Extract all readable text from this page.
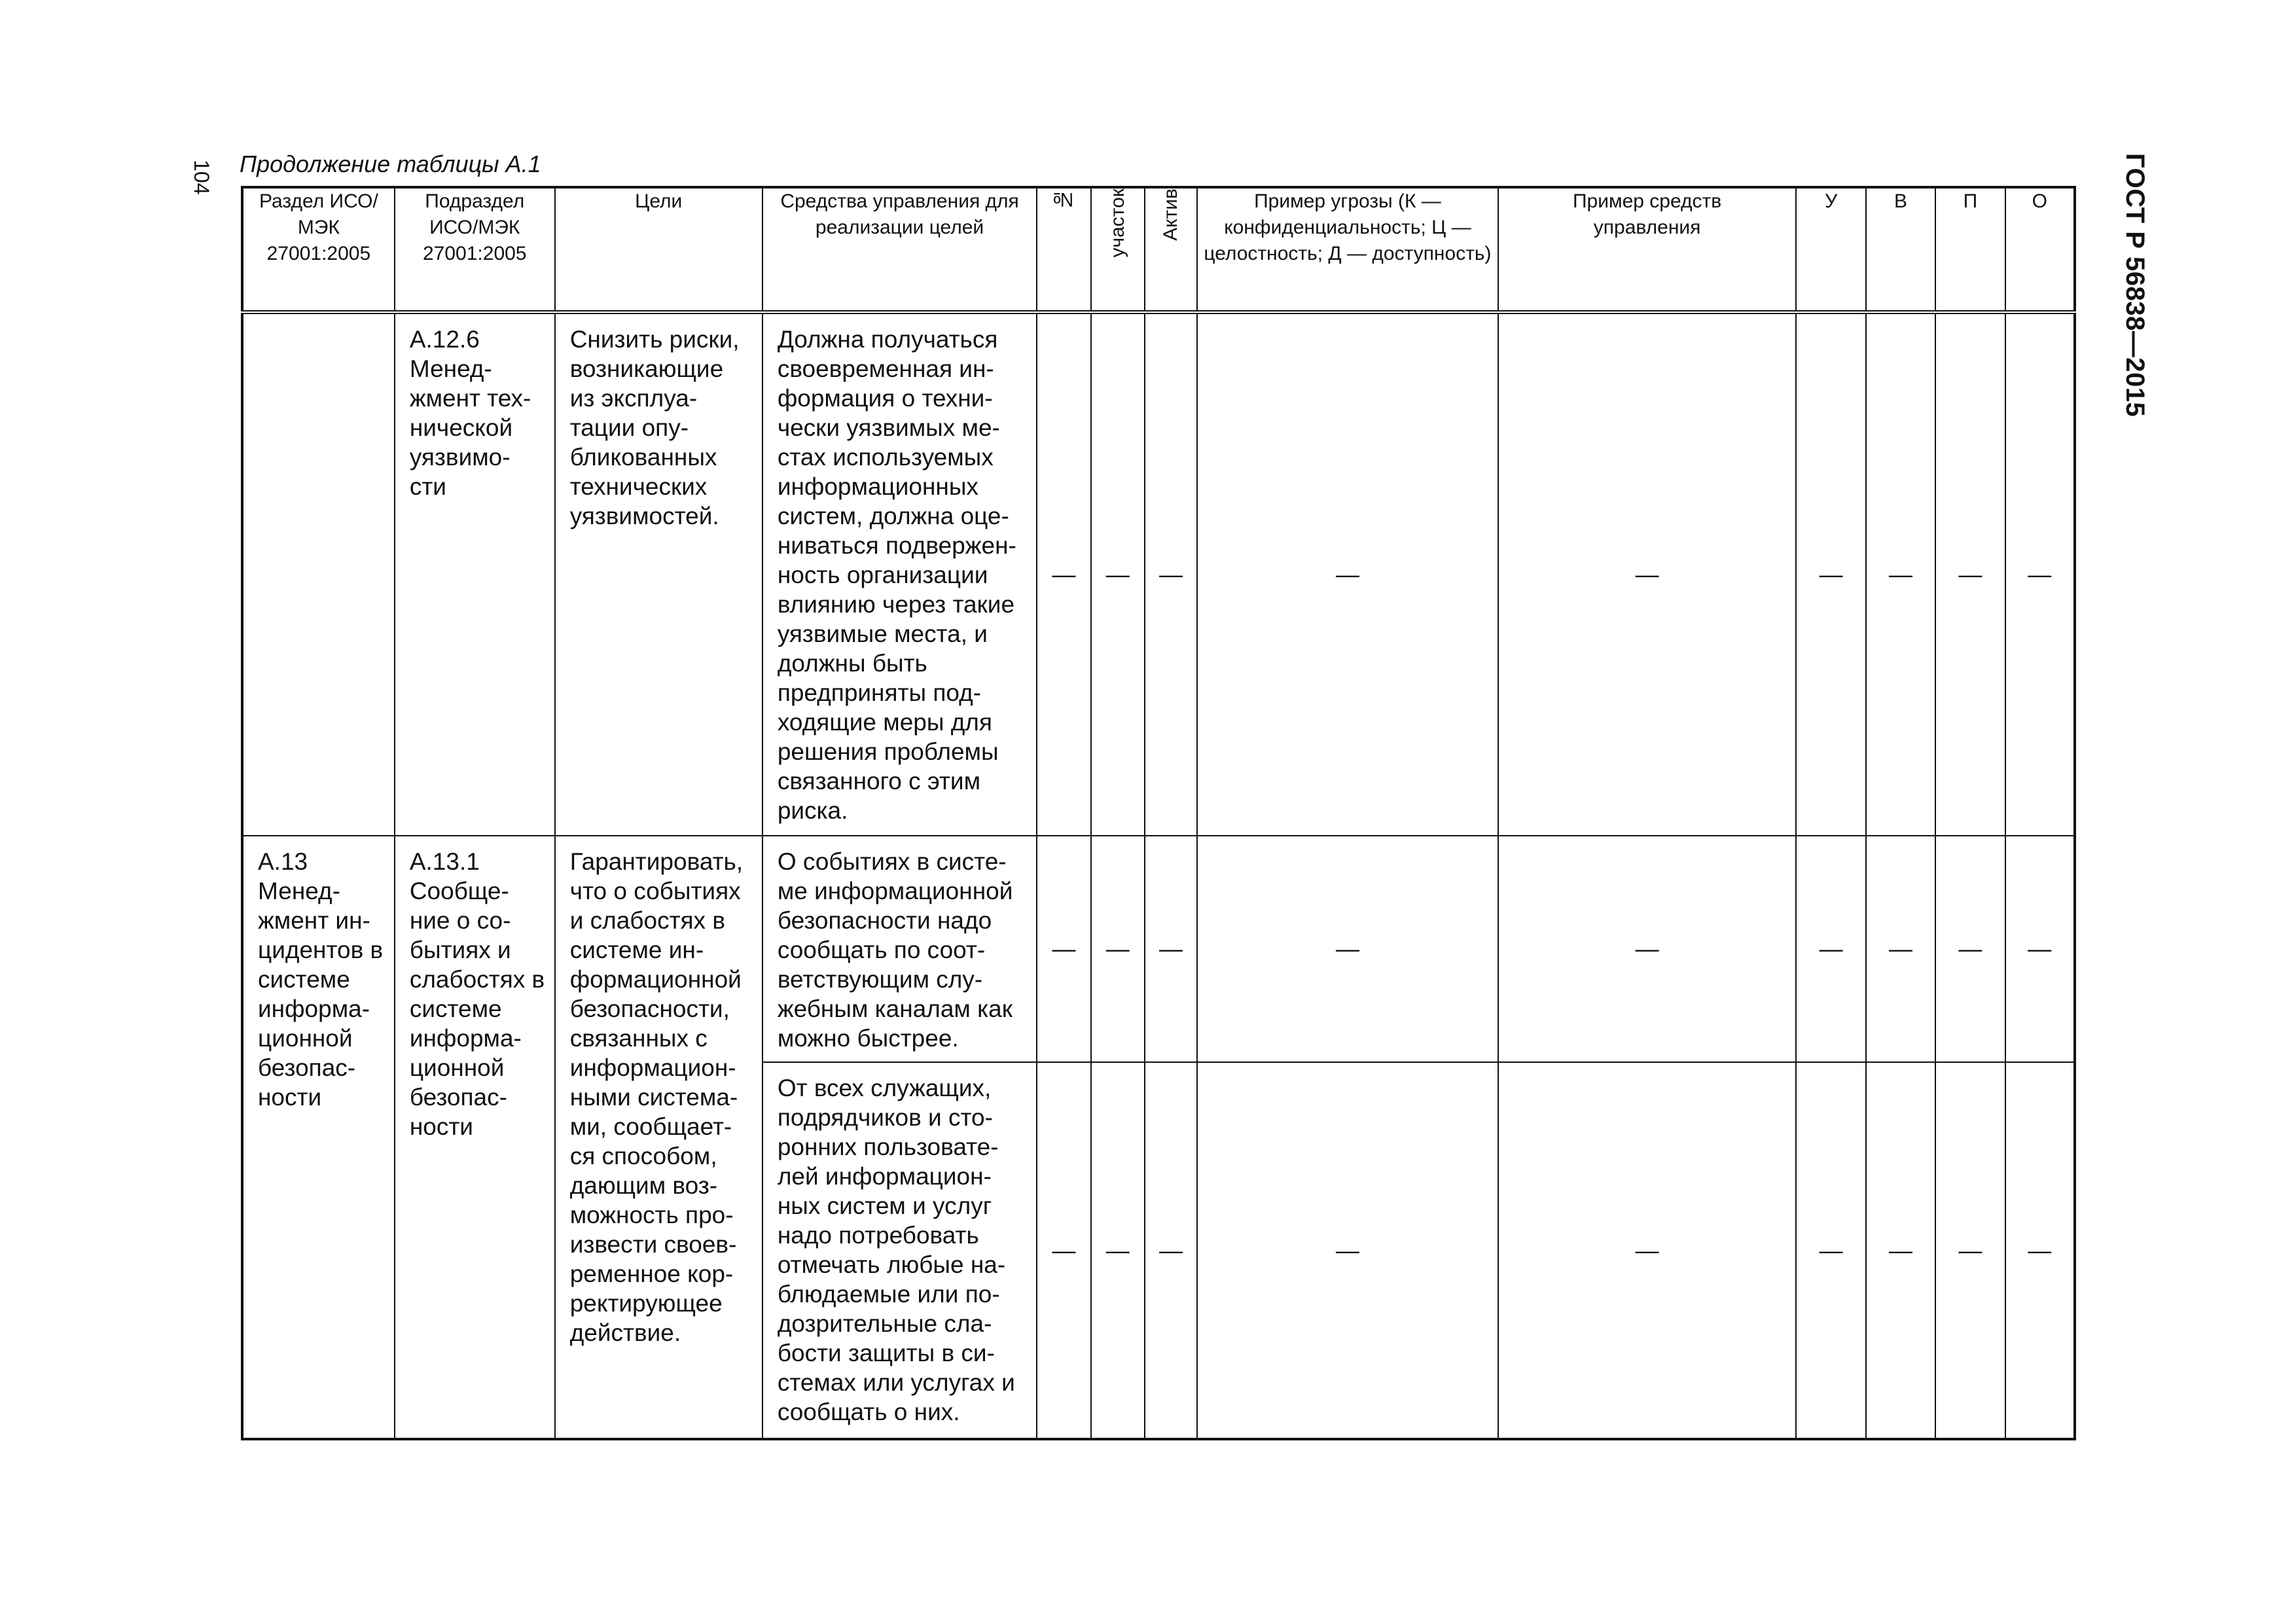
104	ГОСТ Р 56838—2015
Продолжение таблицы А.1
Раздел ИСО/МЭК 27001:2005	Подраздел ИСО/МЭК 27001:2005	Цели	Средства управления для реализации целей	№	участок	Актив	Пример угрозы (К — конфиденциальность; Ц — целостность; Д — доступность)	Пример средств управления	У	В	П	О
	А.12.6 Менед-жмент тех-нической уязвимо-сти	Снизить риски, возникающие из эксплуа-тации опу-бликованных технических уязвимостей.	Должна получаться своевременная ин-формация о техни-чески уязвимых ме-стах используемых информационных систем, должна оце-ниваться подвержен-ность организации влиянию через такие уязвимые места, и должны быть предприняты под-ходящие меры для решения проблемы связанного с этим риска.	—	—	—	—	—	—	—	—	—
А.13 Менед-жмент ин-цидентов в системе информа-ционной безопас-ности	А.13.1 Сообще-ние о со-бытиях и слабостях в системе информа-ционной безопас-ности	Гарантировать, что о событиях и слабостях в системе ин-формационной безопасности, связанных с информацион-ными система-ми, сообщает-ся способом, дающим воз-можность про-извести своев-ременное кор-ректирующее действие.	О событиях в систе-ме информационной безопасности надо сообщать по соот-ветствующим слу-жебным каналам как можно быстрее.	—	—	—	—	—	—	—	—	—
			От всех служащих, подрядчиков и сто-ронних пользовате-лей информацион-ных систем и услуг надо потребовать отмечать любые на-блюдаемые или по-дозрительные сла-бости защиты в си-стемах или услугах и сообщать о них.	—	—	—	—	—	—	—	—	—
